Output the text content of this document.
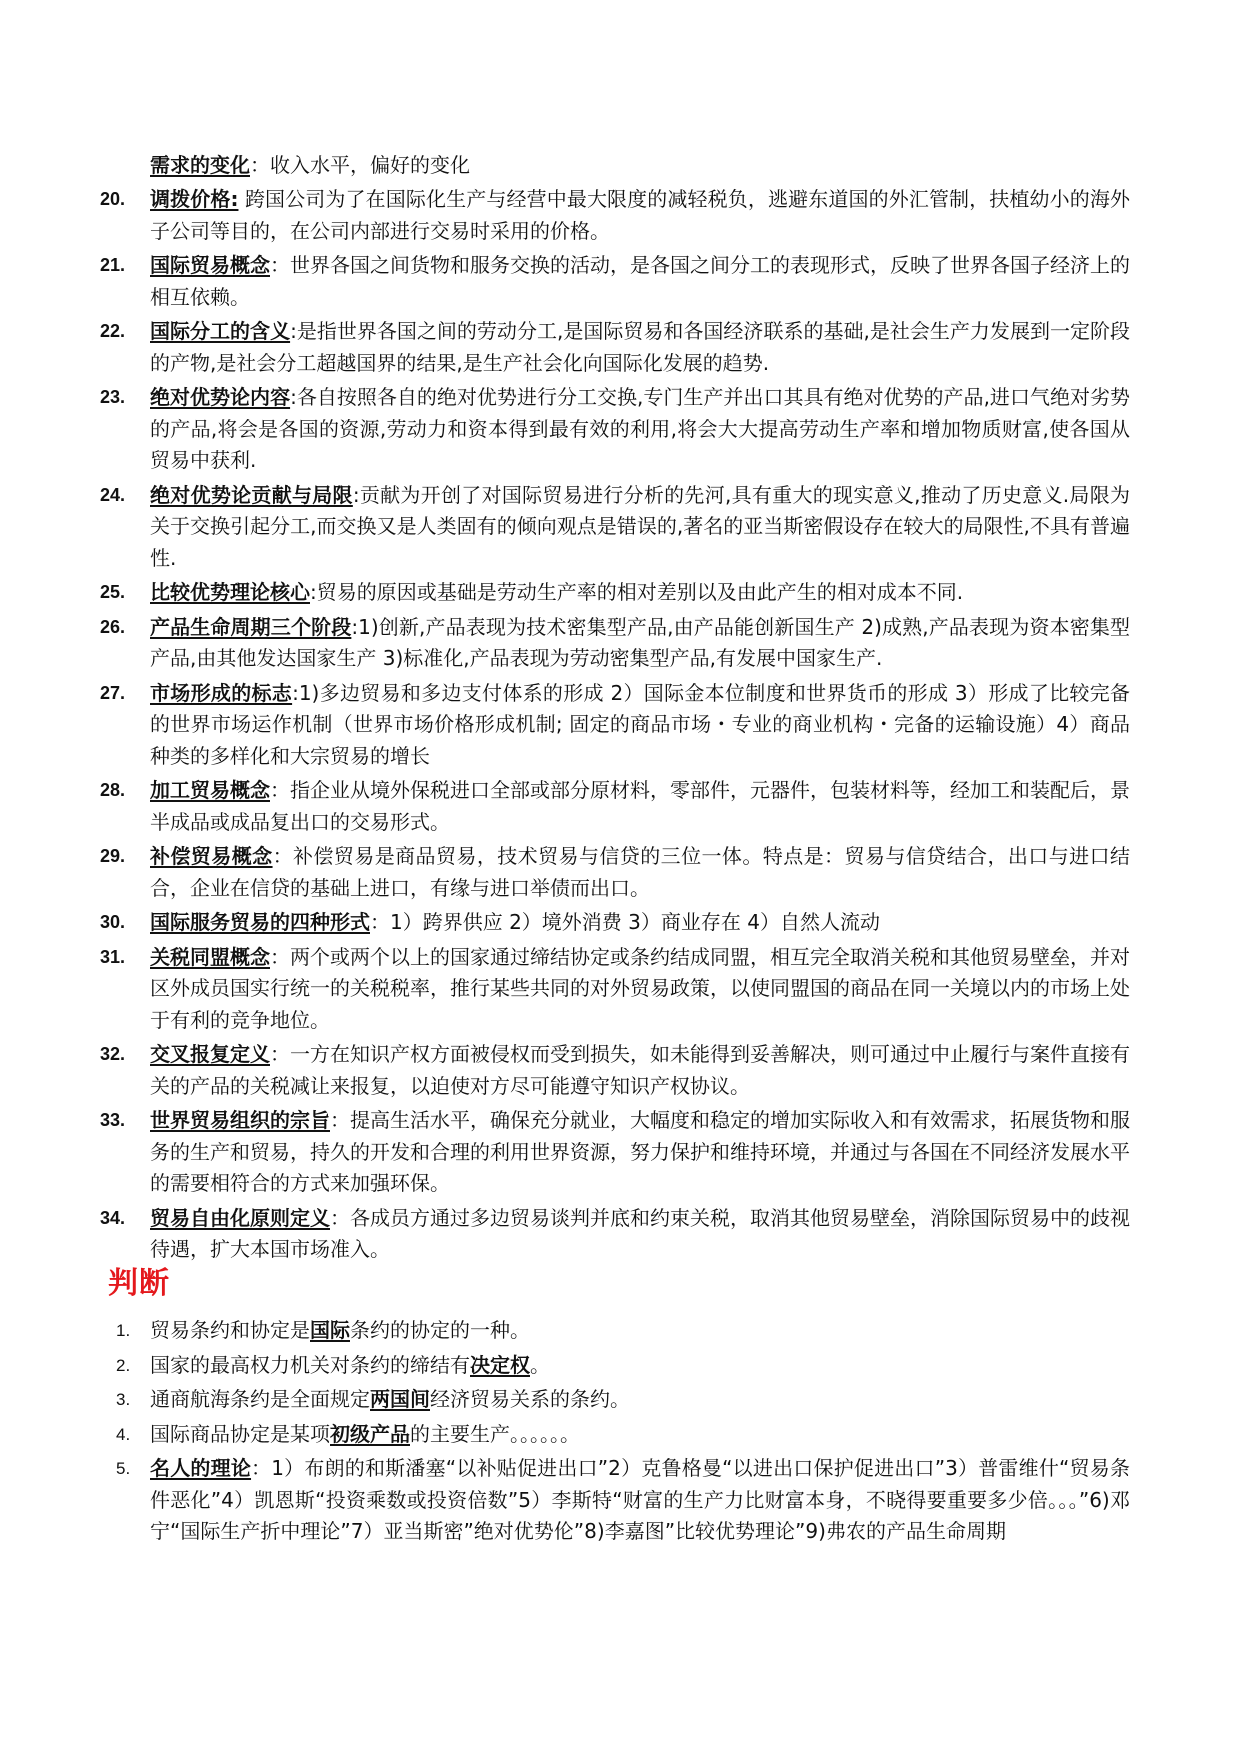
需求的变化：收入水平，偏好的变化
20. 调拨价格: 跨国公司为了在国际化生产与经营中最大限度的减轻税负，逃避东道国的外汇管制，扶植幼小的海外子公司等目的，在公司内部进行交易时采用的价格。
21. 国际贸易概念：世界各国之间货物和服务交换的活动，是各国之间分工的表现形式，反映了世界各国子经济上的相互依赖。
22. 国际分工的含义:是指世界各国之间的劳动分工,是国际贸易和各国经济联系的基础,是社会生产力发展到一定阶段的产物,是社会分工超越国界的结果,是生产社会化向国际化发展的趋势.
23. 绝对优势论内容:各自按照各自的绝对优势进行分工交换,专门生产并出口其具有绝对优势的产品,进口气绝对劣势的产品,将会是各国的资源,劳动力和资本得到最有效的利用,将会大大提高劳动生产率和增加物质财富,使各国从贸易中获利.
24. 绝对优势论贡献与局限:贡献为开创了对国际贸易进行分析的先河,具有重大的现实意义,推动了历史意义.局限为关于交换引起分工,而交换又是人类固有的倾向观点是错误的,著名的亚当斯密假设存在较大的局限性,不具有普遍性.
25. 比较优势理论核心:贸易的原因或基础是劳动生产率的相对差别以及由此产生的相对成本不同.
26. 产品生命周期三个阶段:1)创新,产品表现为技术密集型产品,由产品能创新国生产 2)成熟,产品表现为资本密集型产品,由其他发达国家生产 3)标准化,产品表现为劳动密集型产品,有发展中国家生产.
27. 市场形成的标志:1)多边贸易和多边支付体系的形成 2）国际金本位制度和世界货币的形成 3）形成了比较完备的世界市场运作机制（世界市场价格形成机制; 固定的商品市场・专业的商业机构・完备的运输设施）4）商品种类的多样化和大宗贸易的增长
28. 加工贸易概念：指企业从境外保税进口全部或部分原材料，零部件，元器件，包装材料等，经加工和装配后，景半成品或成品复出口的交易形式。
29. 补偿贸易概念：补偿贸易是商品贸易，技术贸易与信贷的三位一体。特点是：贸易与信贷结合，出口与进口结合，企业在信贷的基础上进口，有缘与进口举债而出口。
30. 国际服务贸易的四种形式：1）跨界供应 2）境外消费 3）商业存在 4）自然人流动
31. 关税同盟概念：两个或两个以上的国家通过缔结协定或条约结成同盟，相互完全取消关税和其他贸易壁垒，并对区外成员国实行统一的关税税率，推行某些共同的对外贸易政策，以使同盟国的商品在同一关境以内的市场上处于有利的竞争地位。
32. 交叉报复定义：一方在知识产权方面被侵权而受到损失，如未能得到妥善解决，则可通过中止履行与案件直接有关的产品的关税减让来报复，以迫使对方尽可能遵守知识产权协议。
33. 世界贸易组织的宗旨：提高生活水平，确保充分就业，大幅度和稳定的增加实际收入和有效需求，拓展货物和服务的生产和贸易，持久的开发和合理的利用世界资源，努力保护和维持环境，并通过与各国在不同经济发展水平的需要相符合的方式来加强环保。
34. 贸易自由化原则定义：各成员方通过多边贸易谈判并底和约束关税，取消其他贸易壁垒，消除国际贸易中的歧视待遇，扩大本国市场准入。
判断
1. 贸易条约和协定是国际条约的协定的一种。
2. 国家的最高权力机关对条约的缔结有决定权。
3. 通商航海条约是全面规定两国间经济贸易关系的条约。
4. 国际商品协定是某项初级产品的主要生产。。。。。。
5. 名人的理论：1）布朗的和斯潘塞“以补贴促进出口”2）克鲁格曼“以进出口保护促进出口”3）普雷维什“贸易条件恶化”4）凯恩斯“投资乘数或投资倍数”5）李斯特“财富的生产力比财富本身，不晓得要重要多少倍。。。”6)邓宁“国际生产折中理论”7）亚当斯密”绝对优势伦”8)李嘉图”比较优势理论”9)弗农的产品生命周期
